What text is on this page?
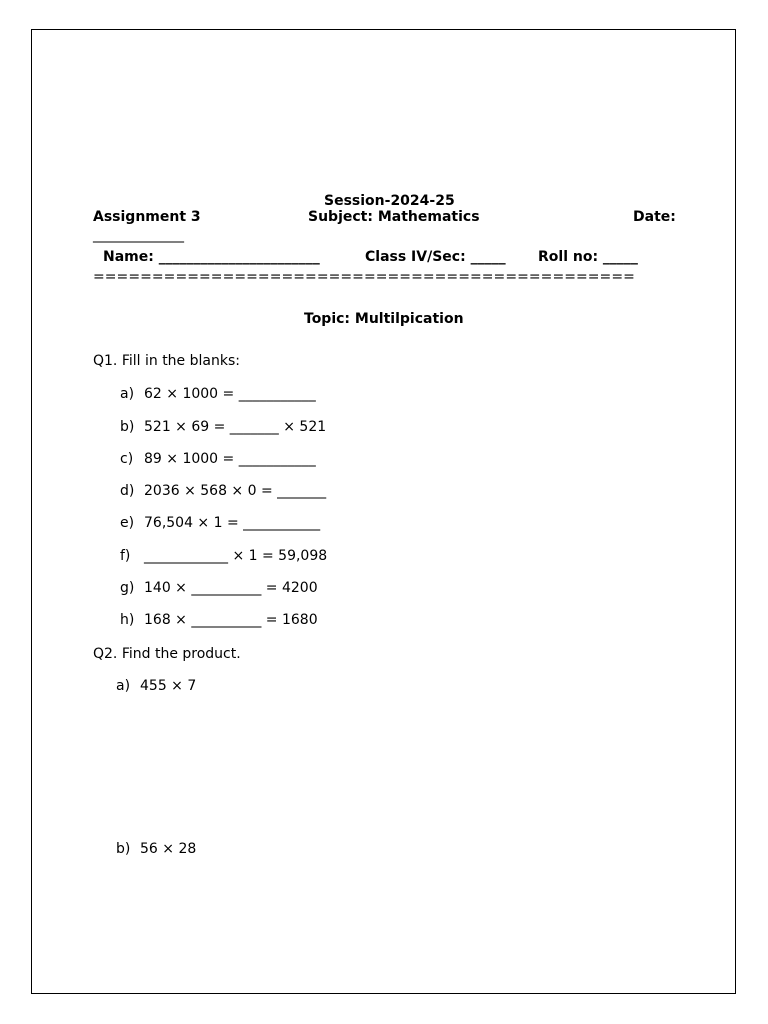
Session-2024-25
Assignment 3	Subject: Mathematics	Date:
_____________
Name: _______________________	Class IV/Sec: _____ Roll no: _____
==============================================
Topic: Multilpication
Q1. Fill in the blanks:
a) 62 × 1000 = ___________
b) 521 × 69 = _______ × 521
c) 89 × 1000 = ___________
d) 2036 × 568 × 0 = _______
e) 76,504 × 1 = ___________
f) ____________ × 1 = 59,098
g) 140 × __________ = 4200
h) 168 × __________ = 1680
Q2. Find the product.
a) 455 × 7
b) 56 × 28
